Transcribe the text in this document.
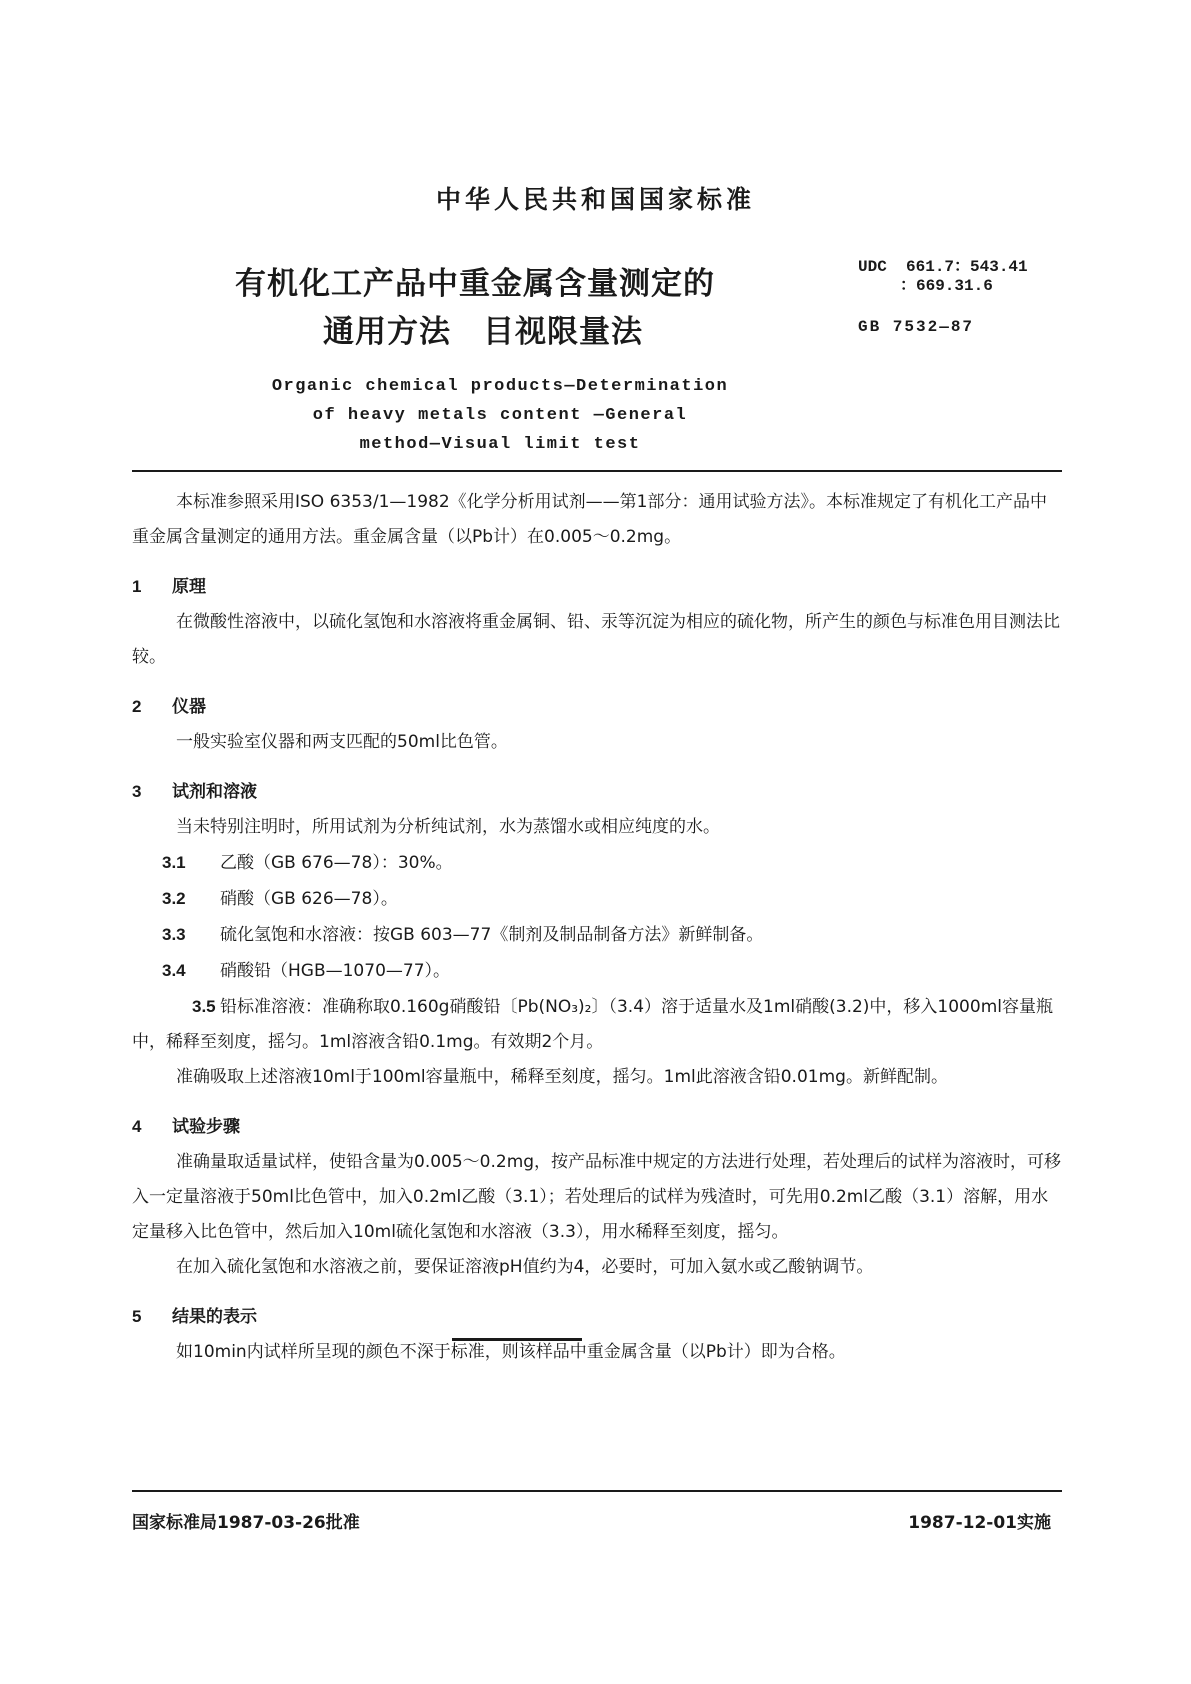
中华人民共和国国家标准
有机化工产品中重金属含量测定的
通用方法　目视限量法
UDC 661.7：543.41
：669.31.6
GB 7532—87
Organic chemical products—Determination
of heavy metals content —General
method—Visual limit test
本标准参照采用ISO 6353/1—1982《化学分析用试剂——第1部分：通用试验方法》。本标准规定了有机化工产品中重金属含量测定的通用方法。重金属含量（以Pb计）在0.005～0.2mg。
1 原理
在微酸性溶液中，以硫化氢饱和水溶液将重金属铜、铅、汞等沉淀为相应的硫化物，所产生的颜色与标准色用目测法比较。
2 仪器
一般实验室仪器和两支匹配的50ml比色管。
3 试剂和溶液
当未特别注明时，所用试剂为分析纯试剂，水为蒸馏水或相应纯度的水。
3.1 乙酸（GB 676—78）：30%。
3.2 硝酸（GB 626—78）。
3.3 硫化氢饱和水溶液：按GB 603—77《制剂及制品制备方法》新鲜制备。
3.4 硝酸铅（HGB—1070—77）。
3.5 铅标准溶液：准确称取0.160g硝酸铅〔Pb(NO₃)₂〕（3.4）溶于适量水及1ml硝酸(3.2)中，移入1000ml容量瓶中，稀释至刻度，摇匀。1ml溶液含铅0.1mg。有效期2个月。
准确吸取上述溶液10ml于100ml容量瓶中，稀释至刻度，摇匀。1ml此溶液含铅0.01mg。新鲜配制。
4 试验步骤
准确量取适量试样，使铅含量为0.005～0.2mg，按产品标准中规定的方法进行处理，若处理后的试样为溶液时，可移入一定量溶液于50ml比色管中，加入0.2ml乙酸（3.1）；若处理后的试样为残渣时，可先用0.2ml乙酸（3.1）溶解，用水定量移入比色管中，然后加入10ml硫化氢饱和水溶液（3.3），用水稀释至刻度，摇匀。
在加入硫化氢饱和水溶液之前，要保证溶液pH值约为4，必要时，可加入氨水或乙酸钠调节。
5 结果的表示
如10min内试样所呈现的颜色不深于标准，则该样品中重金属含量（以Pb计）即为合格。
国家标准局1987-03-26批准	1987-12-01实施
